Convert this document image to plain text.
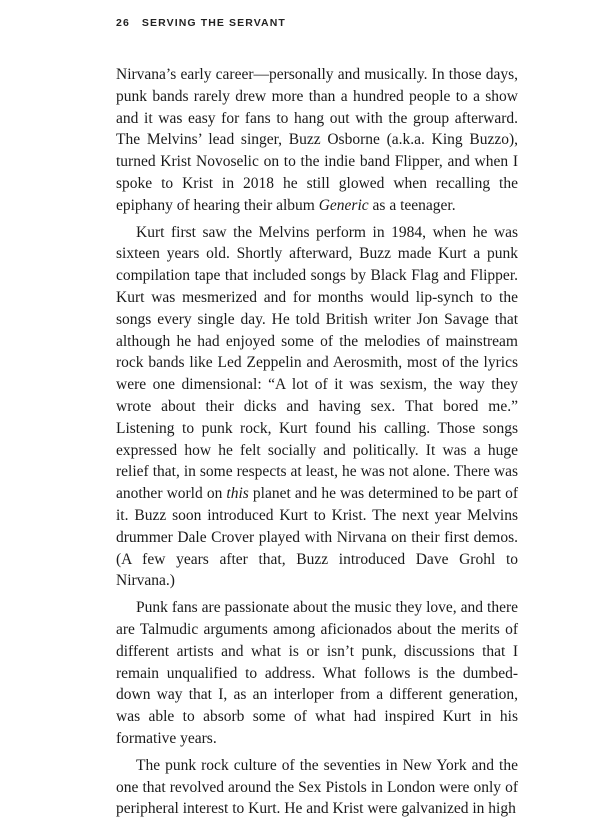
26 SERVING THE SERVANT

Nirvana’s early career—personally and musically. In those days, punk bands rarely drew more than a hundred people to a show and it was easy for fans to hang out with the group afterward. The Melvins’ lead singer, Buzz Osborne (a.k.a. King Buzzo), turned Krist Novoselic on to the indie band Flipper, and when I spoke to Krist in 2018 he still glowed when recalling the epiphany of hearing their album Generic as a teenager.

Kurt first saw the Melvins perform in 1984, when he was sixteen years old. Shortly afterward, Buzz made Kurt a punk compilation tape that included songs by Black Flag and Flipper. Kurt was mesmerized and for months would lip-synch to the songs every single day. He told British writer Jon Savage that although he had enjoyed some of the melodies of mainstream rock bands like Led Zeppelin and Aerosmith, most of the lyrics were one dimensional: “A lot of it was sexism, the way they wrote about their dicks and having sex. That bored me.” Listening to punk rock, Kurt found his calling. Those songs expressed how he felt socially and politically. It was a huge relief that, in some respects at least, he was not alone. There was another world on this planet and he was determined to be part of it. Buzz soon introduced Kurt to Krist. The next year Melvins drummer Dale Crover played with Nirvana on their first demos. (A few years after that, Buzz introduced Dave Grohl to Nirvana.)

Punk fans are passionate about the music they love, and there are Talmudic arguments among aficionados about the merits of different artists and what is or isn’t punk, discussions that I remain unqualified to address. What follows is the dumbed-down way that I, as an interloper from a different generation, was able to absorb some of what had inspired Kurt in his formative years.

The punk rock culture of the seventies in New York and the one that revolved around the Sex Pistols in London were only of peripheral interest to Kurt. He and Krist were galvanized in high
